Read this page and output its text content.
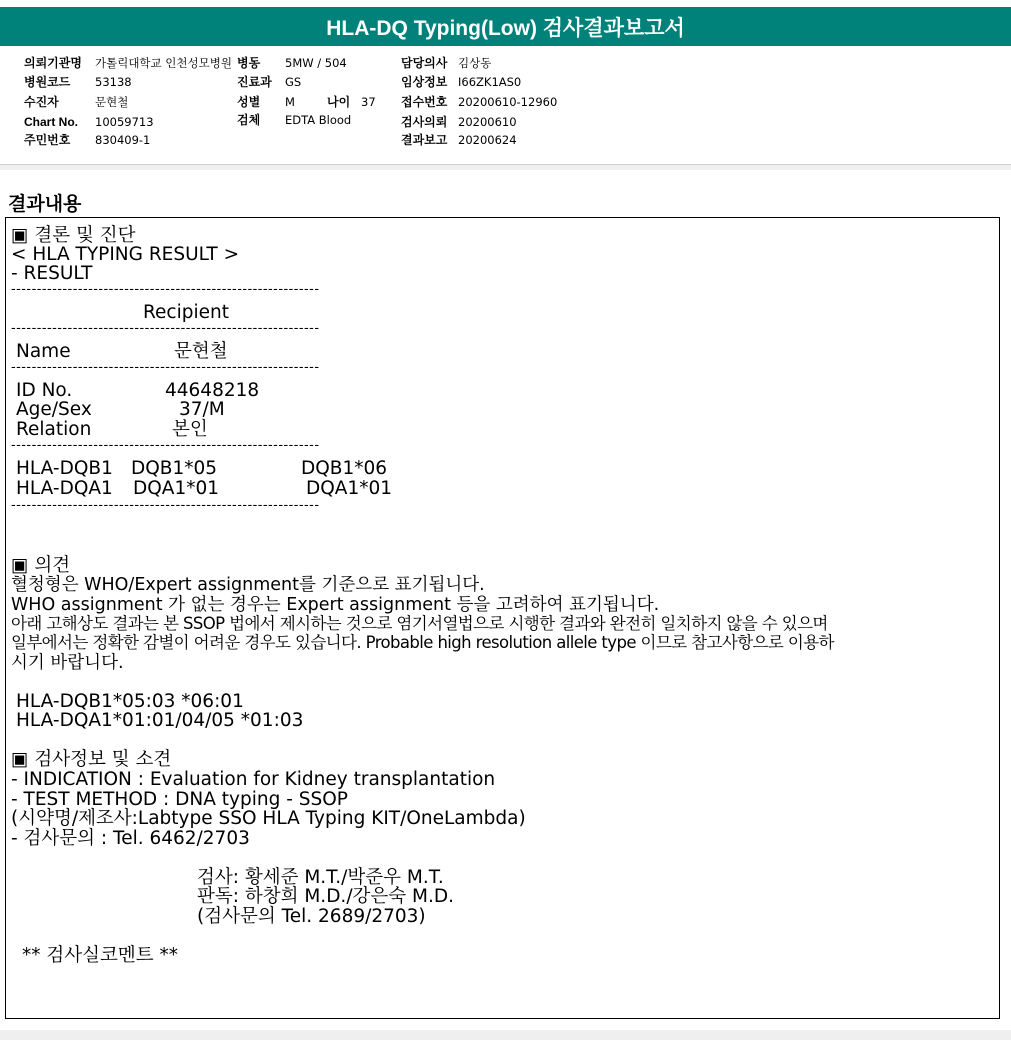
HLA-DQ Typing(Low) 검사결과보고서
의뢰기관명 가톨릭대학교 인천성모병원 병동 5MW / 504	담당의사 김상동
병원코드 53138	진료과 GS	임상정보 I66ZK1AS0
수진자	문현철	성별 M	나이 37 접수번호 20200610-12960
Chart No. 10059713	검체 EDTA Blood	검사의뢰 20200610
주민번호 830409-1	결과보고 20200624
결과내용
▣ 결론 및 진단
< HLA TYPING RESULT >
- RESULT
------------------------------------------------------------
Recipient
------------------------------------------------------------
Name	문현철
------------------------------------------------------------
ID No.	44648218
Age/Sex	37/M
Relation	본인
------------------------------------------------------------
HLA-DQB1 DQB1*05	DQB1*06
HLA-DQA1 DQA1*01	DQA1*01
------------------------------------------------------------
▣ 의견
혈청형은 WHO/Expert assignment를 기준으로 표기됩니다.
WHO assignment 가 없는 경우는 Expert assignment 등을 고려하여 표기됩니다.
아래 고해상도 결과는 본 SSOP 법에서 제시하는 것으로 염기서열법으로 시행한 결과와 완전히 일치하지 않을 수 있으며
일부에서는 정확한 감별이 어려운 경우도 있습니다. Probable high resolution allele type 이므로 참고사항으로 이용하
시기 바랍니다.
HLA-DQB1*05:03 *06:01
HLA-DQA1*01:01/04/05 *01:03
▣ 검사정보 및 소견
- INDICATION : Evaluation for Kidney transplantation
- TEST METHOD : DNA typing - SSOP
(시약명/제조사:Labtype SSO HLA Typing KIT/OneLambda)
- 검사문의 : Tel. 6462/2703
검사: 황세준 M.T./박준우 M.T.
판독: 하창희 M.D./강은숙 M.D.
(검사문의 Tel. 2689/2703)
** 검사실코멘트 **
